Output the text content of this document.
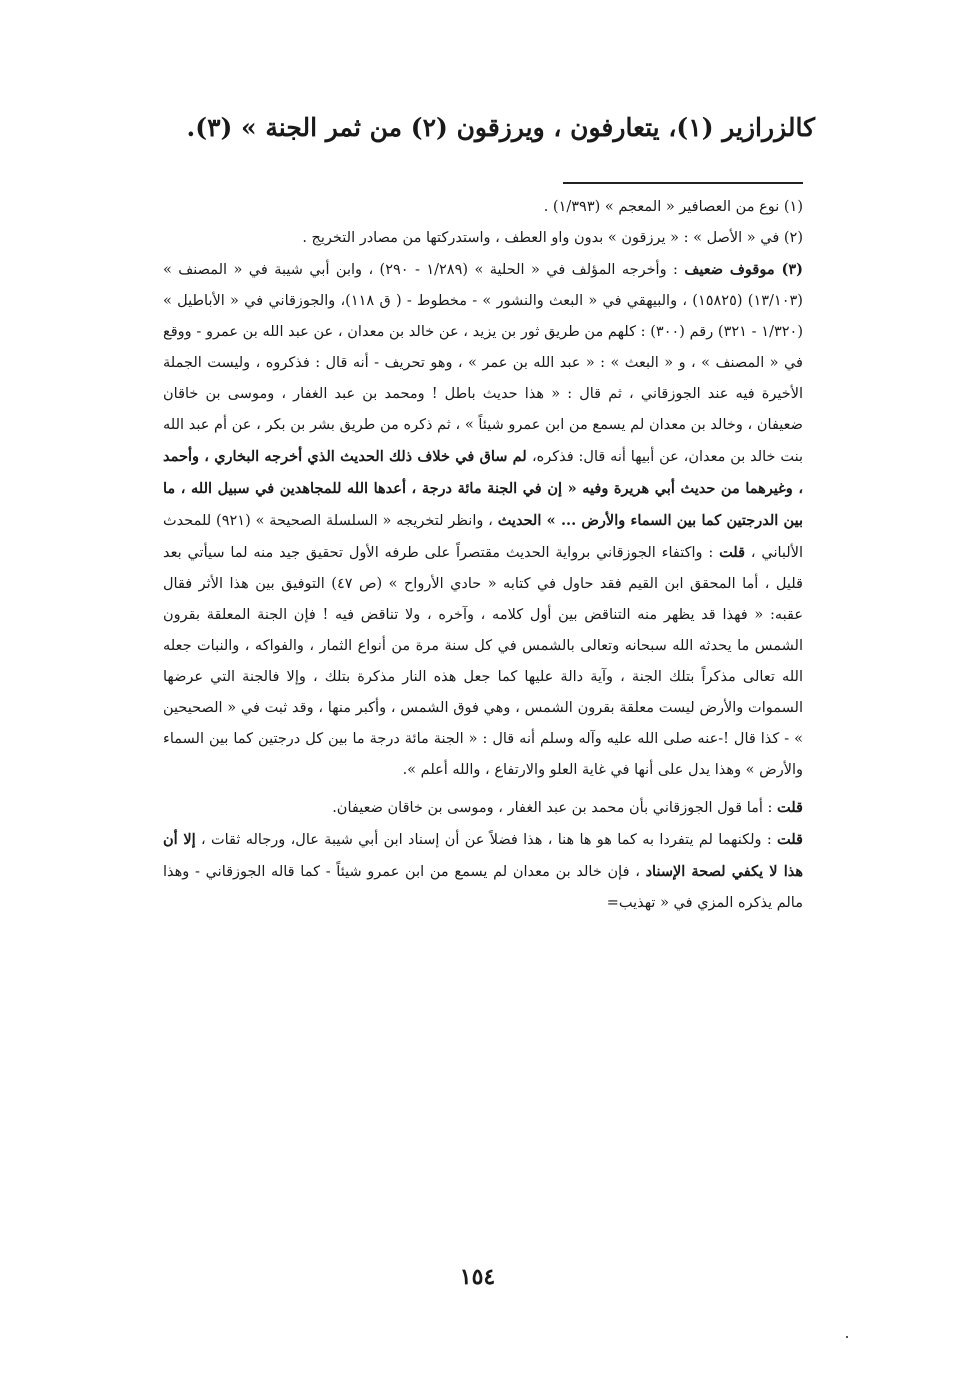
كالزرازير (١)، يتعارفون ، ويرزقون (٢) من ثمر الجنة » (٣).

(١) نوع من العصافير « المعجم » (١/٣٩٣) .

(٢) في « الأصل » : « يرزقون » بدون واو العطف ، واستدركتها من مصادر التخريج .

(٣) موقوف ضعيف : وأخرجه المؤلف في « الحلية » (١/٢٨٩ - ٢٩٠) ، وابن أبي شيبة في « المصنف » (١٣/١٠٣) (١٥٨٢٥) ، والبيهقي في « البعث والنشور » - مخطوط - ( ق ١١٨)، والجوزقاني في « الأباطيل » (١/٣٢٠ - ٣٢١) رقم (٣٠٠) : كلهم من طريق ثور بن يزيد ، عن خالد بن معدان ، عن عبد الله بن عمرو - ووقع في « المصنف » ، و « البعث » : « عبد الله بن عمر » ، وهو تحريف - أنه قال : فذكروه ، وليست الجملة الأخيرة فيه عند الجوزقاني ، ثم قال : « هذا حديث باطل ! ومحمد بن عبد الغفار ، وموسى بن خاقان ضعيفان ، وخالد بن معدان لم يسمع من ابن عمرو شيئاً » ، ثم ذكره من طريق بشر بن بكر ، عن أم عبد الله بنت خالد بن معدان، عن أبيها أنه قال: فذكره، لم ساق في خلاف ذلك الحديث الذي أخرجه البخاري ، وأحمد ، وغيرهما من حديث أبي هريرة وفيه « إن في الجنة مائة درجة ، أعدها الله للمجاهدين في سبيل الله ، ما بين الدرجتين كما بين السماء والأرض ... » الحديث ، وانظر لتخريجه « السلسلة الصحيحة » (٩٢١) للمحدث الألباني ، قلت : واكتفاء الجوزقاني برواية الحديث مقتصراً على طرفه الأول تحقيق جيد منه لما سيأتي بعد قليل ، أما المحقق ابن القيم فقد حاول في كتابه « حادي الأرواح » (ص ٤٧) التوفيق بين هذا الأثر فقال عقبه: « فهذا قد يظهر منه التناقض بين أول كلامه ، وآخره ، ولا تناقض فيه ! فإن الجنة المعلقة بقرون الشمس ما يحدثه الله سبحانه وتعالى بالشمس في كل سنة مرة من أنواع الثمار ، والفواكه ، والنبات جعله الله تعالى مذكراً بتلك الجنة ، وآية دالة عليها كما جعل هذه النار مذكرة بتلك ، وإلا فالجنة التي عرضها السموات والأرض ليست معلقة بقرون الشمس ، وهي فوق الشمس ، وأكبر منها ، وقد ثبت في « الصحيحين » - كذا قال !-عنه صلى الله عليه وآله وسلم أنه قال : « الجنة مائة درجة ما بين كل درجتين كما بين السماء والأرض » وهذا يدل على أنها في غاية العلو والارتفاع ، والله أعلم ».

قلت : أما قول الجوزقاني بأن محمد بن عبد الغفار ، وموسى بن خاقان ضعيفان.

قلت : ولكنهما لم يتفردا به كما هو ها هنا ، هذا فضلاً عن أن إسناد ابن أبي شيبة عال، ورجاله ثقات ، إلا أن هذا لا يكفي لصحة الإسناد ، فإن خالد بن معدان لم يسمع من ابن عمرو شيئاً - كما قاله الجوزقاني - وهذا مالم يذكره المزي في « تهذيب=

١٥٤
